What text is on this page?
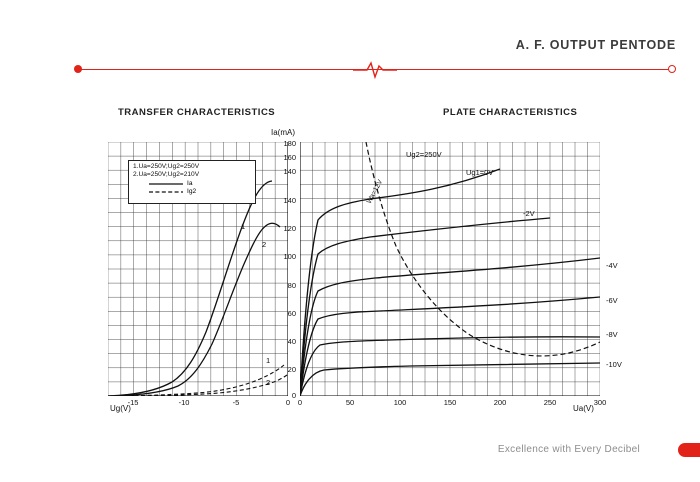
A. F. OUTPUT PENTODE
TRANSFER CHARACTERISTICS	PLATE CHARACTERISTICS
1.Ua=250V;Ug2=250V
2.Ua=250V;Ug2=210V
Ia
Ig2
1
2
1
2
180
160
140
140
120
100
80
60
40
20
0
-15	-10	-5	0	0	50	100	150	200	250	300
Ia(mA)
Ug(V)	Ua(V)
Ug2=250V
Ug1=0V
-2V
-4V
-6V
-8V
-10V
Wa=12V
Excellence with Every Decibel
